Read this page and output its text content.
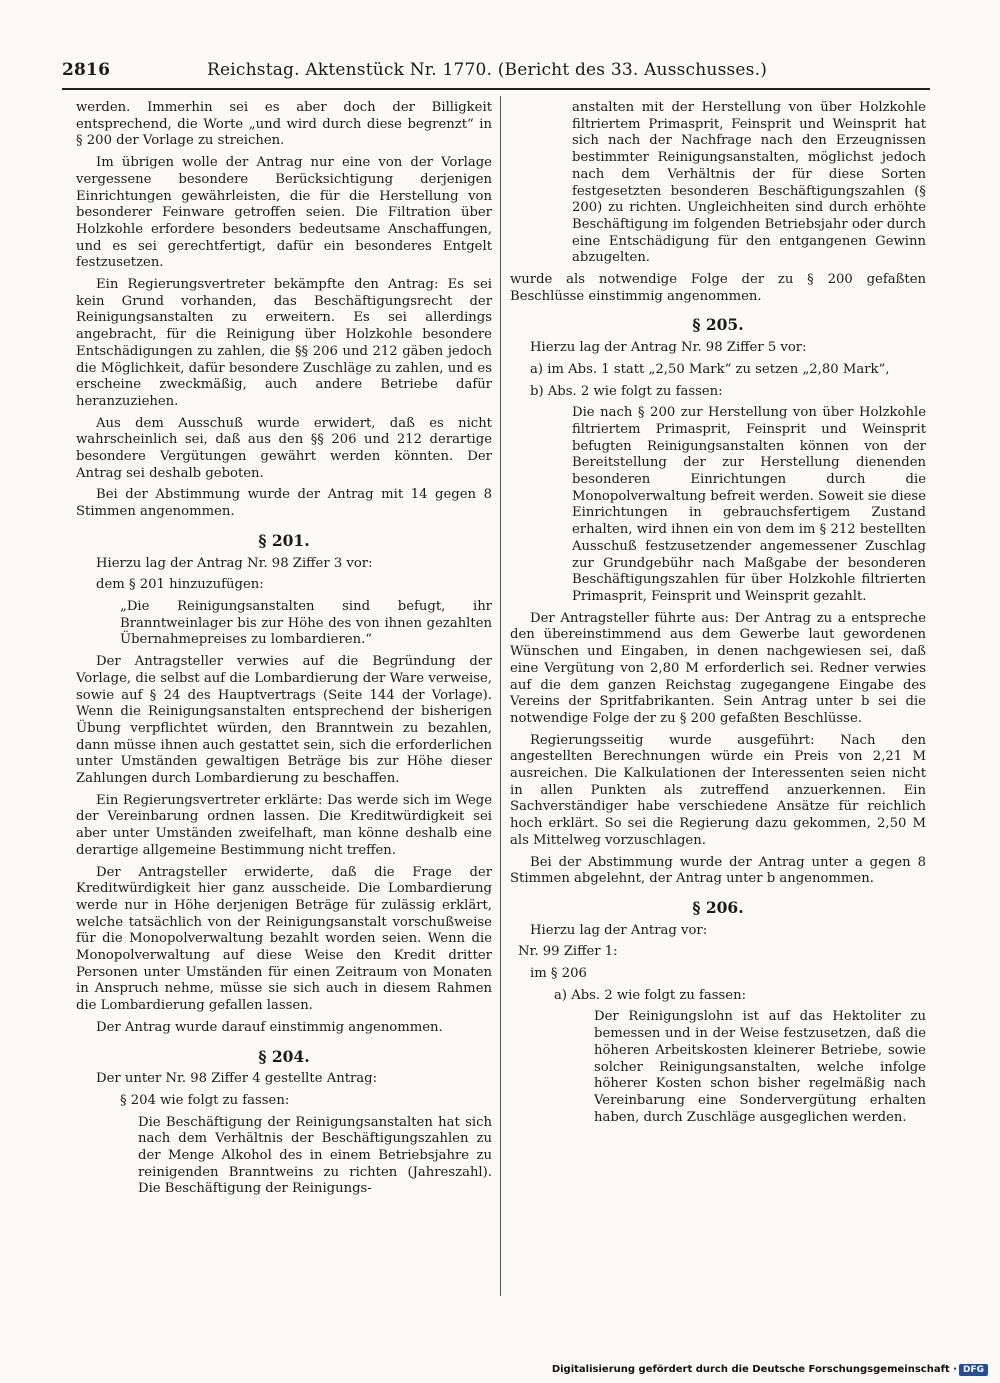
2816	Reichstag. Aktenstück Nr. 1770. (Bericht des 33. Ausschusses.)

werden. Immerhin sei es aber doch der Billigkeit entsprechend, die Worte „und wird durch diese begrenzt“ in § 200 der Vorlage zu streichen.

Im übrigen wolle der Antrag nur eine von der Vorlage vergessene besondere Berücksichtigung derjenigen Einrichtungen gewährleisten, die für die Herstellung von besonderer Feinware getroffen seien. Die Filtration über Holzkohle erfordere besonders bedeutsame Anschaffungen, und es sei gerechtfertigt, dafür ein besonderes Entgelt festzusetzen.

Ein Regierungsvertreter bekämpfte den Antrag: Es sei kein Grund vorhanden, das Beschäftigungsrecht der Reinigungsanstalten zu erweitern. Es sei allerdings angebracht, für die Reinigung über Holzkohle besondere Entschädigungen zu zahlen, die §§ 206 und 212 gäben jedoch die Möglichkeit, dafür besondere Zuschläge zu zahlen, und es erscheine zweckmäßig, auch andere Betriebe dafür heranzuziehen.

Aus dem Ausschuß wurde erwidert, daß es nicht wahrscheinlich sei, daß aus den §§ 206 und 212 derartige besondere Vergütungen gewährt werden könnten. Der Antrag sei deshalb geboten.

Bei der Abstimmung wurde der Antrag mit 14 gegen 8 Stimmen angenommen.

§ 201.

Hierzu lag der Antrag Nr. 98 Ziffer 3 vor:

dem § 201 hinzuzufügen:

„Die Reinigungsanstalten sind befugt, ihr Branntweinlager bis zur Höhe des von ihnen gezahlten Übernahmepreises zu lombardieren.“

Der Antragsteller verwies auf die Begründung der Vorlage, die selbst auf die Lombardierung der Ware verweise, sowie auf § 24 des Hauptvertrags (Seite 144 der Vorlage). Wenn die Reinigungsanstalten entsprechend der bisherigen Übung verpflichtet würden, den Branntwein zu bezahlen, dann müsse ihnen auch gestattet sein, sich die erforderlichen unter Umständen gewaltigen Beträge bis zur Höhe dieser Zahlungen durch Lombardierung zu beschaffen.

Ein Regierungsvertreter erklärte: Das werde sich im Wege der Vereinbarung ordnen lassen. Die Kreditwürdigkeit sei aber unter Umständen zweifelhaft, man könne deshalb eine derartige allgemeine Bestimmung nicht treffen.

Der Antragsteller erwiderte, daß die Frage der Kreditwürdigkeit hier ganz ausscheide. Die Lombardierung werde nur in Höhe derjenigen Beträge für zulässig erklärt, welche tatsächlich von der Reinigungsanstalt vorschußweise für die Monopolverwaltung bezahlt worden seien. Wenn die Monopolverwaltung auf diese Weise den Kredit dritter Personen unter Umständen für einen Zeitraum von Monaten in Anspruch nehme, müsse sie sich auch in diesem Rahmen die Lombardierung gefallen lassen.

Der Antrag wurde darauf einstimmig angenommen.

§ 204.

Der unter Nr. 98 Ziffer 4 gestellte Antrag:

§ 204 wie folgt zu fassen:

Die Beschäftigung der Reinigungsanstalten hat sich nach dem Verhältnis der Beschäftigungszahlen zu der Menge Alkohol des in einem Betriebsjahre zu reinigenden Branntweins zu richten (Jahreszahl). Die Beschäftigung der Reinigungs-

anstalten mit der Herstellung von über Holzkohle filtriertem Primasprit, Feinsprit und Weinsprit hat sich nach der Nachfrage nach den Erzeugnissen bestimmter Reinigungsanstalten, möglichst jedoch nach dem Verhältnis der für diese Sorten festgesetzten besonderen Beschäftigungszahlen (§ 200) zu richten. Ungleichheiten sind durch erhöhte Beschäftigung im folgenden Betriebsjahr oder durch eine Entschädigung für den entgangenen Gewinn abzugelten.

wurde als notwendige Folge der zu § 200 gefaßten Beschlüsse einstimmig angenommen.

§ 205.

Hierzu lag der Antrag Nr. 98 Ziffer 5 vor:

a) im Abs. 1 statt „2,50 Mark“ zu setzen „2,80 Mark“,

b) Abs. 2 wie folgt zu fassen:

Die nach § 200 zur Herstellung von über Holzkohle filtriertem Primasprit, Feinsprit und Weinsprit befugten Reinigungsanstalten können von der Bereitstellung der zur Herstellung dienenden besonderen Einrichtungen durch die Monopolverwaltung befreit werden. Soweit sie diese Einrichtungen in gebrauchsfertigem Zustand erhalten, wird ihnen ein von dem im § 212 bestellten Ausschuß festzusetzender angemessener Zuschlag zur Grundgebühr nach Maßgabe der besonderen Beschäftigungszahlen für über Holzkohle filtrierten Primasprit, Feinsprit und Weinsprit gezahlt.

Der Antragsteller führte aus: Der Antrag zu a entspreche den übereinstimmend aus dem Gewerbe laut gewordenen Wünschen und Eingaben, in denen nachgewiesen sei, daß eine Vergütung von 2,80 M erforderlich sei. Redner verwies auf die dem ganzen Reichstag zugegangene Eingabe des Vereins der Spritfabrikanten. Sein Antrag unter b sei die notwendige Folge der zu § 200 gefaßten Beschlüsse.

Regierungsseitig wurde ausgeführt: Nach den angestellten Berechnungen würde ein Preis von 2,21 M ausreichen. Die Kalkulationen der Interessenten seien nicht in allen Punkten als zutreffend anzuerkennen. Ein Sachverständiger habe verschiedene Ansätze für reichlich hoch erklärt. So sei die Regierung dazu gekommen, 2,50 M als Mittelweg vorzuschlagen.

Bei der Abstimmung wurde der Antrag unter a gegen 8 Stimmen abgelehnt, der Antrag unter b angenommen.

§ 206.

Hierzu lag der Antrag vor:

Nr. 99 Ziffer 1:

im § 206

a) Abs. 2 wie folgt zu fassen:

Der Reinigungslohn ist auf das Hektoliter zu bemessen und in der Weise festzusetzen, daß die höheren Arbeitskosten kleinerer Betriebe, sowie solcher Reinigungsanstalten, welche infolge höherer Kosten schon bisher regelmäßig nach Vereinbarung eine Sondervergütung erhalten haben, durch Zuschläge ausgeglichen werden.

Digitalisierung gefördert durch die Deutsche Forschungsgemeinschaft · DFG
